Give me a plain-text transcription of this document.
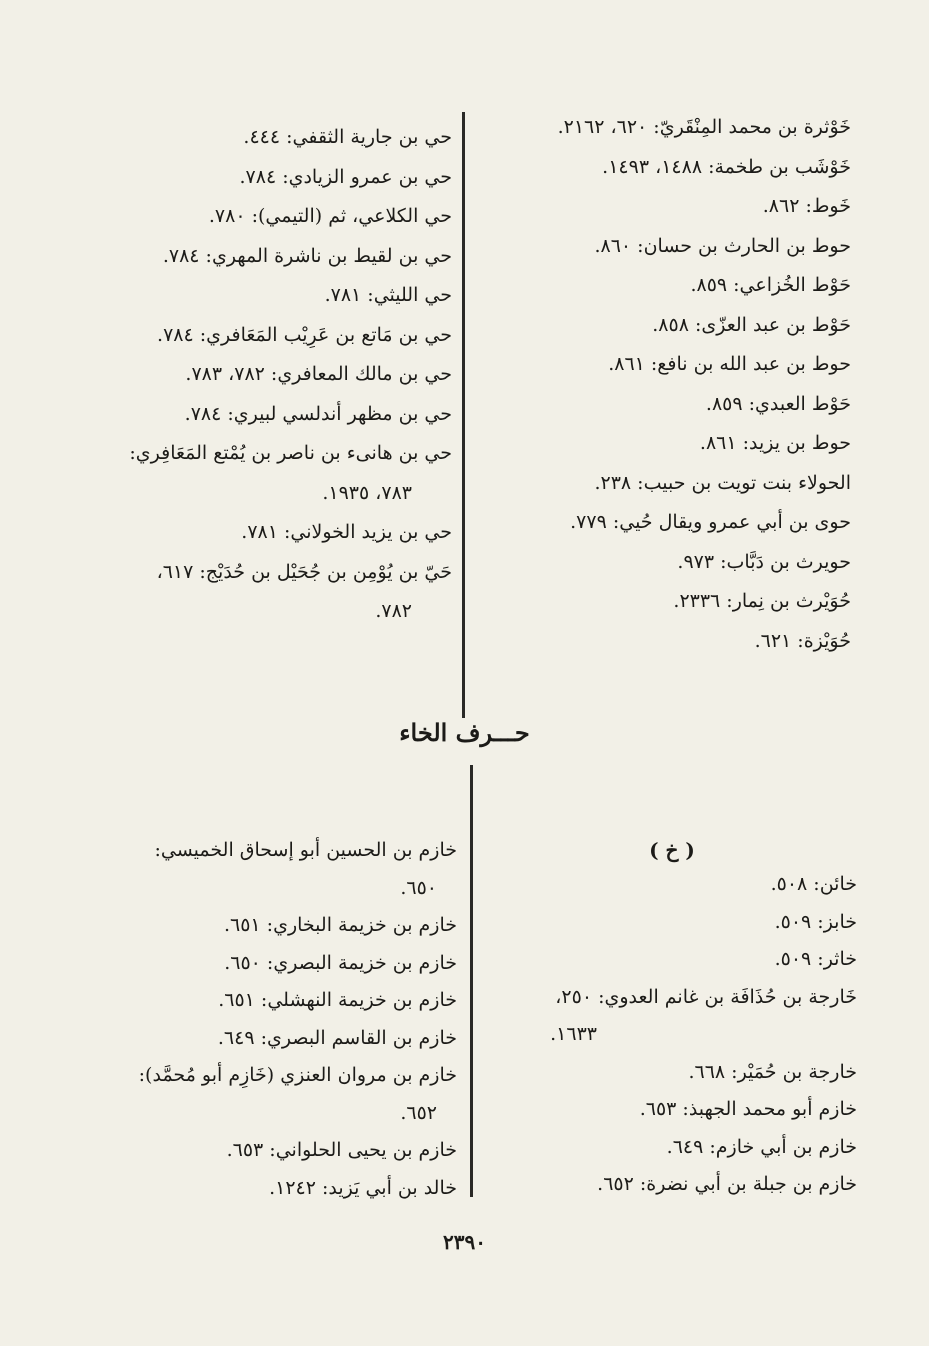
خَوْثرة بن محمد المِنْقَريّ: ٦٢٠، ٢١٦٢.
خَوْشَب بن طخمة: ١٤٨٨، ١٤٩٣.
خَوط: ٨٦٢.
حوط بن الحارث بن حسان: ٨٦٠.
حَوْط الخُزاعي: ٨٥٩.
حَوْط بن عبد العزّى: ٨٥٨.
حوط بن عبد الله بن نافع: ٨٦١.
حَوْط العبدي: ٨٥٩.
حوط بن يزيد: ٨٦١.
الحولاء بنت تويت بن حبيب: ٢٣٨.
حوى بن أبي عمرو ويقال حُيي: ٧٧٩.
حويرث بن دَبَّاب: ٩٧٣.
حُوَيْرث بن نِمار: ٢٣٣٦.
حُوَيْزة: ٦٢١.
حي بن جارية الثقفي: ٤٤٤.
حي بن عمرو الزيادي: ٧٨٤.
حي الكلاعي، ثم (التيمي): ٧٨٠.
حي بن لقيط بن ناشرة المهري: ٧٨٤.
حي الليثي: ٧٨١.
حي بن مَاتع بن عَرِيْب المَعَافري: ٧٨٤.
حي بن مالك المعافري: ٧٨٢، ٧٨٣.
حي بن مظهر أندلسي لبيري: ٧٨٤.
حي بن هانىء بن ناصر بن يُمْتع المَعَافِري:
٧٨٣، ١٩٣٥.
حي بن يزيد الخولاني: ٧٨١.
حَيّ بن يُوْمِن بن جُحَيْل بن حُدَيْج: ٦١٧،
٧٨٢.
حـــرف الخاء
( خ )
خائن: ٥٠٨.
خابز: ٥٠٩.
خاثر: ٥٠٩.
خَارجة بن حُذَافَة بن غانم العدوي: ٢٥٠،
١٦٣٣.
خارجة بن حُمَيْر: ٦٦٨.
خازم أبو محمد الجهبذ: ٦٥٣.
خازم بن أبي خازم: ٦٤٩.
خازم بن جبلة بن أبي نضرة: ٦٥٢.
خازم بن الحسين أبو إسحاق الخميسي:
٦٥٠.
خازم بن خزيمة البخاري: ٦٥١.
خازم بن خزيمة البصري: ٦٥٠.
خازم بن خزيمة النهشلي: ٦٥١.
خازم بن القاسم البصري: ٦٤٩.
خازم بن مروان العنزي (خَازِم أبو مُحمَّد):
٦٥٢.
خازم بن يحيى الحلواني: ٦٥٣.
خالد بن أبي يَزيد: ١٢٤٢.
٢٣٩٠
